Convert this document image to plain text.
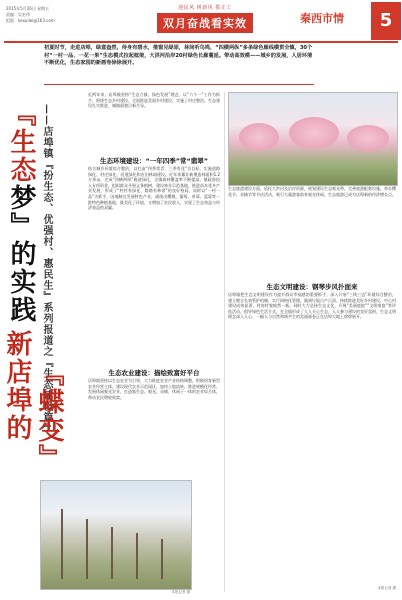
2015年5月26日 星期五
责编：吴宏伟
组版：kexuilei@163.com
迎民风 树新风 抓正工
双月奋战看实效	秦西市情	5
初夏时节，走进店埠，绿意盎然，侍身有碧水，推窗见绿原，林间听鸟鸣，“四横两纵”多条绿色廊线横贯全镇，30个村“一村一品、一花一果”生态模式拉起框架，大洪河沿岸20村绿色长廊蔓延。带动高效模——城乡的发展，人居环境不断优化，生态家园的新画卷徐徐展开。
『生态梦』的实践 ——店埠镇『扮生态、优强村、惠民生』系列报道之『生态建设篇』
新店埠的 『蝶变』
近两年来，店埠镇坚持“生态立镇、绿色发展”理念，以“六个一”工作为抓手，围绕生态乡村建设，全面推进美丽乡村建设，实施了村庄整治，生态建设扎实推进，城镇面貌日新月异。
生态环境建设：“一年四季”常“翡翠”
结合城乡环境综合整治，以打造“四季常青、三季有花”为目标，实施道路绿化、村庄绿化、河道绿化和农田林网建设。近年来累计新增造林面积1.2万余亩，完成“四横两纵”廊道绿化，全镇森林覆盖率不断提高。镇政府投入专项资金，组织群众开展义务植树，建设林业示范基地，推进苗木花卉产业发展，形成了“村村有绿化、路路有林带”的良好格局。同时以“一村一品”为抓手，因地制宜发展特色产业，涌现出樱桃、葡萄、草莓、蓝莓等一批特色种植基地，既美化了环境，又增加了农民收入，实现了生态效益与经济效益的双赢。
生态农业建设：描绘致富好平台
店埠镇坚持以生态农业为引领，大力推进农业产业结构调整，积极培育新型农业经营主体，建设现代农业示范园区，加快土地流转，推进规模化经营，发展休闲观光农业，打造集生态、观光、采摘、休闲于一体的农业综合体，带动农民增收致富。
本报记者 摄
生态旅游建设方面，依托大洪河及沿岸资源，规划建设生态观光带，完善旅游配套设施，举办樱花节、采摘节等节庆活动，吸引大量游客前来观光休闲，生态旅游已成为店埠新的经济增长点。
生态文明建设：钢琴步风扑面来
店埠镇把生态文明建设作为提升群众幸福感的重要抓手，深入开展“三线三边”环境综合整治，建立健全长效管护机制，实行网格化管理，做到垃圾日产日清。持续推进美好乡村建设，中心村建设成效显著，村容村貌焕然一新。同时大力弘扬生态文化，开展“美丽庭院”“文明家庭”等评选活动，倡导绿色生活方式，在全镇形成了人人关心生态、人人参与建设的良好氛围，生态文明理念深入人心，一幅人与自然和谐共生的美丽画卷正在店埠大地上徐徐展开。
本报记者 摄
